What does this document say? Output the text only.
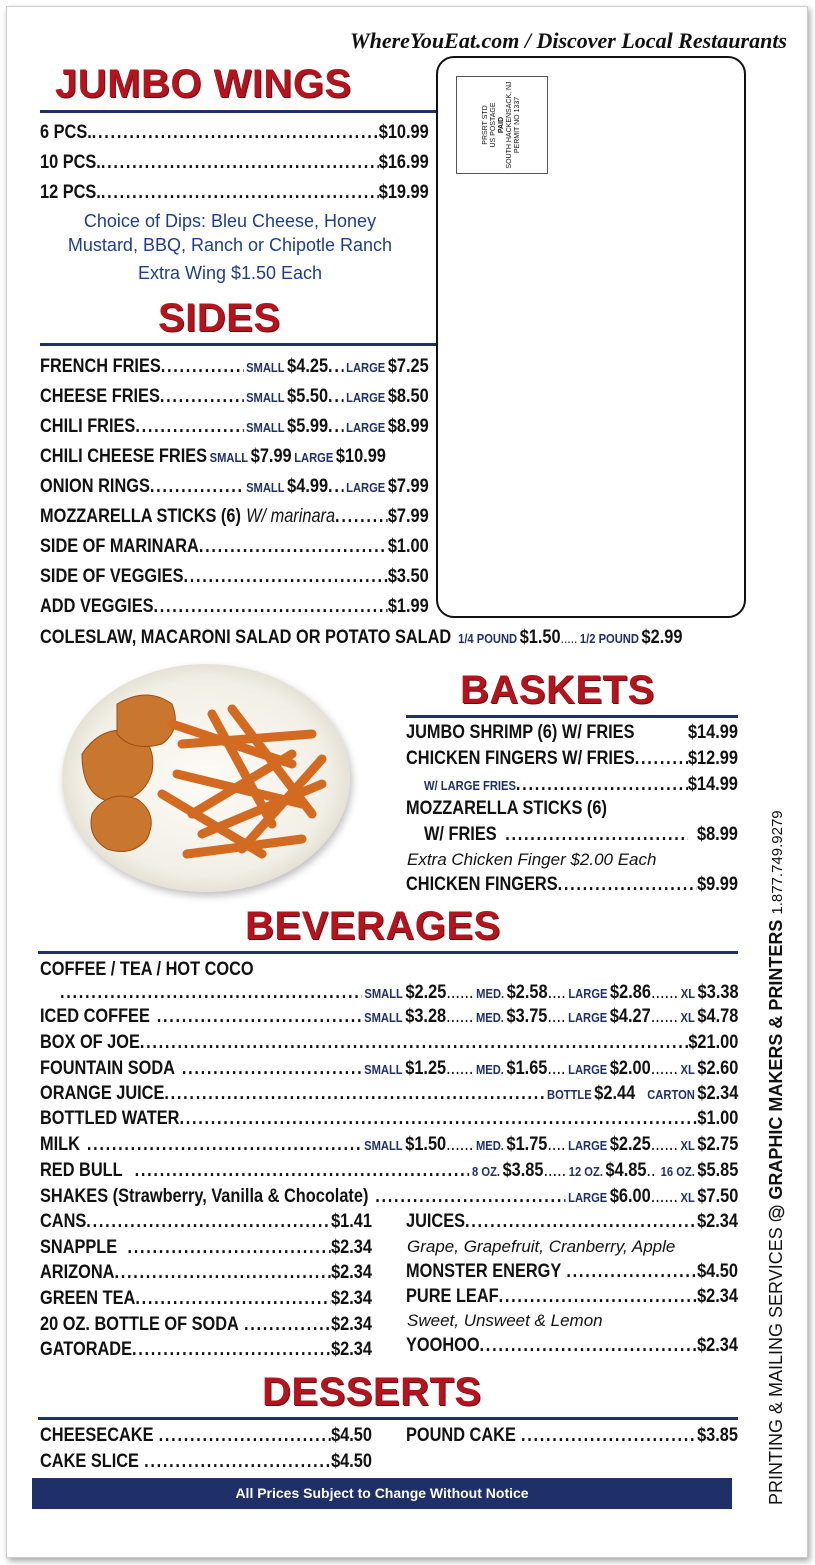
WhereYouEat.com / Discover Local Restaurants
JUMBO WINGS
6 PCS. .....	$10.99
10 PCS. .....	$16.99
12 PCS. .....	$19.99
Choice of Dips: Bleu Cheese, Honey
Mustard, BBQ, Ranch or Chipotle Ranch
Extra Wing $1.50 Each
SIDES
FRENCH FRIES .....	SMALL $4.25 ..... LARGE $7.25
CHEESE FRIES .....	SMALL $5.50 ..... LARGE $8.50
CHILI FRIES .....	SMALL $5.99 ..... LARGE $8.99
CHILI CHEESE FRIES SMALL $7.99 LARGE $10.99
ONION RINGS .....	SMALL $4.99 ..... LARGE $7.99
MOZZARELLA STICKS (6) W/ marinara .....	$7.99
SIDE OF MARINARA .....	$1.00
SIDE OF VEGGIES .....	$3.50
ADD VEGGIES .....	$1.99
COLESLAW, MACARONI SALAD OR POTATO SALAD 1/4 POUND $1.50 ..... 1/2 POUND $2.99
PRSRT STD
US POSTAGE
PAID
SOUTH HACKENSACK, NJ
PERMIT NO 1337
BASKETS
JUMBO SHRIMP (6) W/ FRIES	$14.99
CHICKEN FINGERS W/ FRIES .....	$12.99
W/ LARGE FRIES .....	$14.99
MOZZARELLA STICKS (6)
W/ FRIES .....	$8.99
Extra Chicken Finger $2.00 Each
CHICKEN FINGERS .....	$9.99
BEVERAGES
COFFEE / TEA / HOT COCO
.....
SMALL $2.25 ...... MED. $2.58 .... LARGE $2.86 ...... XL $3.38
ICED COFFEE .....	SMALL $3.28 ...... MED. $3.75 .... LARGE $4.27 ...... XL $4.78
BOX OF JOE .....	$21.00
FOUNTAIN SODA .....	SMALL $1.25 ...... MED. $1.65 .... LARGE $2.00 ...... XL $2.60
ORANGE JUICE .....	BOTTLE $2.44 CARTON $2.34
BOTTLED WATER .....	$1.00
MILK .....	SMALL $1.50 ...... MED. $1.75 .... LARGE $2.25 ...... XL $2.75
RED BULL .....	8 OZ. $3.85 ..... 12 OZ. $4.85 .. 16 OZ. $5.85
SHAKES (Strawberry, Vanilla & Chocolate) .....	LARGE $6.00 ...... XL $7.50
CANS .....	$1.41
SNAPPLE .....	$2.34
ARIZONA .....	$2.34
GREEN TEA .....	$2.34
20 OZ. BOTTLE OF SODA .....	$2.34
GATORADE .....	$2.34
JUICES .....	$2.34
Grape, Grapefruit, Cranberry, Apple
MONSTER ENERGY .....	$4.50
PURE LEAF .....	$2.34
Sweet, Unsweet & Lemon
YOOHOO .....	$2.34
DESSERTS
CHEESECAKE .....	$4.50
CAKE SLICE .....	$4.50
POUND CAKE .....	$3.85
All Prices Subject to Change Without Notice	PRINTING & MAILING SERVICES @ GRAPHIC MAKERS & PRINTERS 1.877.749.9279
